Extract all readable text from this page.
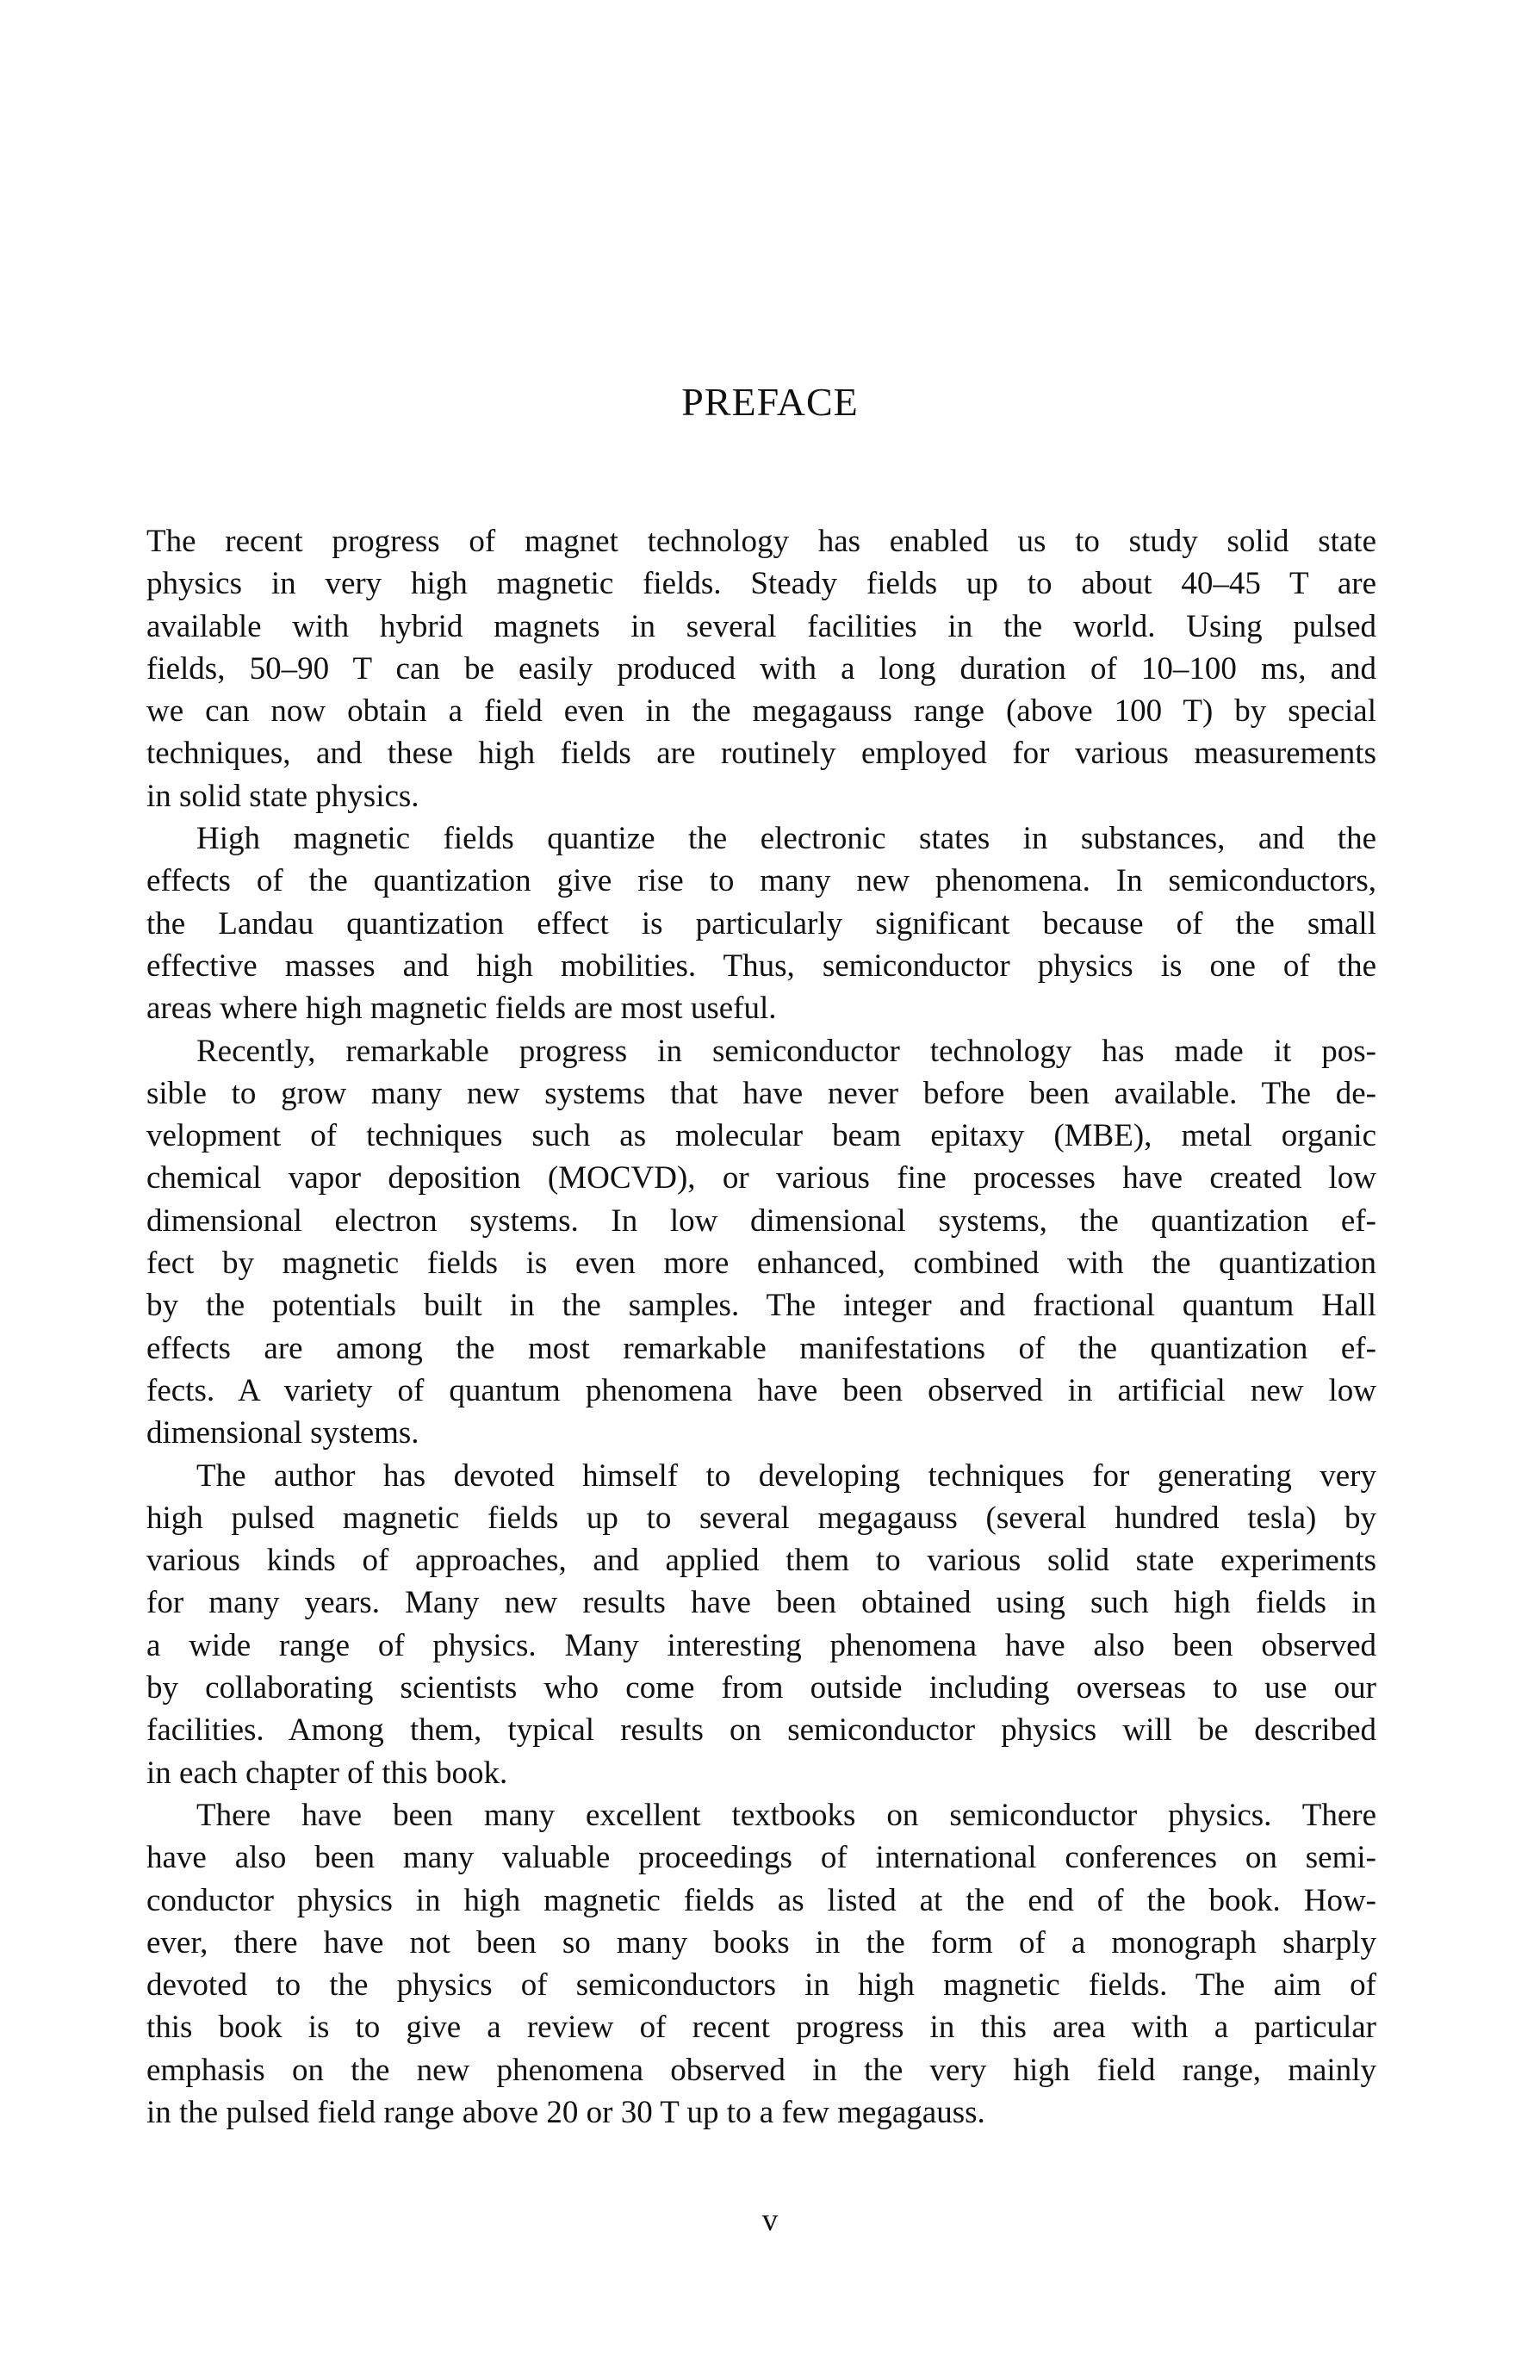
PREFACE
The recent progress of magnet technology has enabled us to study solid state
physics in very high magnetic fields. Steady fields up to about 40–45 T are
available with hybrid magnets in several facilities in the world. Using pulsed
fields, 50–90 T can be easily produced with a long duration of 10–100 ms, and
we can now obtain a field even in the megagauss range (above 100 T) by special
techniques, and these high fields are routinely employed for various measurements
in solid state physics.
High magnetic fields quantize the electronic states in substances, and the
effects of the quantization give rise to many new phenomena. In semiconductors,
the Landau quantization effect is particularly significant because of the small
effective masses and high mobilities. Thus, semiconductor physics is one of the
areas where high magnetic fields are most useful.
Recently, remarkable progress in semiconductor technology has made it pos-
sible to grow many new systems that have never before been available. The de-
velopment of techniques such as molecular beam epitaxy (MBE), metal organic
chemical vapor deposition (MOCVD), or various fine processes have created low
dimensional electron systems. In low dimensional systems, the quantization ef-
fect by magnetic fields is even more enhanced, combined with the quantization
by the potentials built in the samples. The integer and fractional quantum Hall
effects are among the most remarkable manifestations of the quantization ef-
fects. A variety of quantum phenomena have been observed in artificial new low
dimensional systems.
The author has devoted himself to developing techniques for generating very
high pulsed magnetic fields up to several megagauss (several hundred tesla) by
various kinds of approaches, and applied them to various solid state experiments
for many years. Many new results have been obtained using such high fields in
a wide range of physics. Many interesting phenomena have also been observed
by collaborating scientists who come from outside including overseas to use our
facilities. Among them, typical results on semiconductor physics will be described
in each chapter of this book.
There have been many excellent textbooks on semiconductor physics. There
have also been many valuable proceedings of international conferences on semi-
conductor physics in high magnetic fields as listed at the end of the book. How-
ever, there have not been so many books in the form of a monograph sharply
devoted to the physics of semiconductors in high magnetic fields. The aim of
this book is to give a review of recent progress in this area with a particular
emphasis on the new phenomena observed in the very high field range, mainly
in the pulsed field range above 20 or 30 T up to a few megagauss.
v
